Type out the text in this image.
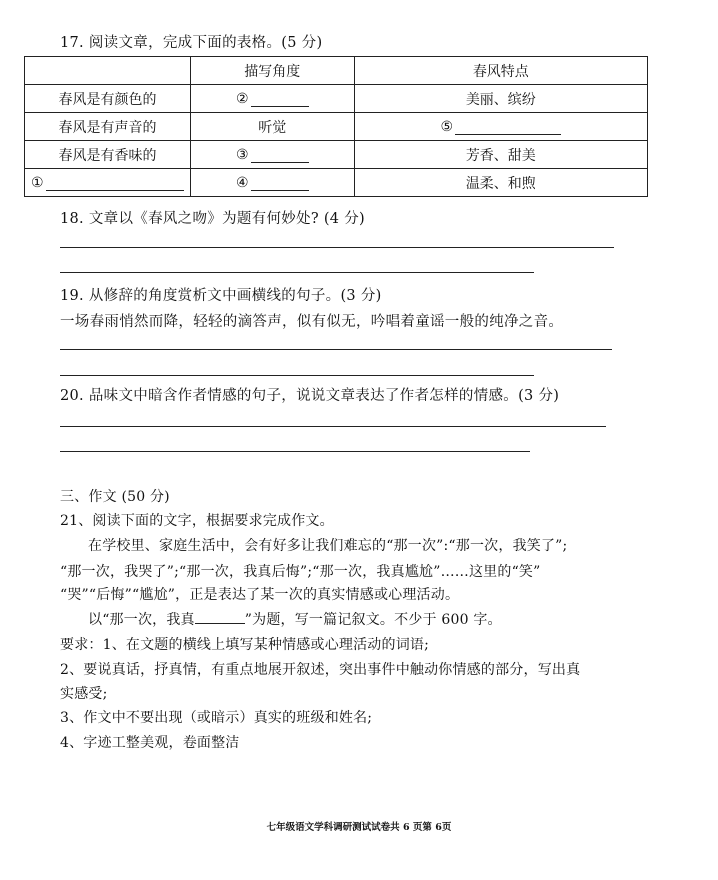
17. 阅读文章，完成下面的表格。(5 分)
	描写角度	春风特点
春风是有颜色的	②	美丽、缤纷
春风是有声音的	听觉	⑤

春风是有香味的	③	芳香、甜美

①	④	温柔、和煦
18. 文章以《春风之吻》为题有何妙处? (4 分)
19. 从修辞的角度赏析文中画横线的句子。(3 分)
一场春雨悄然而降，轻轻的滴答声，似有似无，吟唱着童谣一般的纯净之音。
20. 品味文中暗含作者情感的句子，说说文章表达了作者怎样的情感。(3 分)
三、作文 (50 分)
21、阅读下面的文字，根据要求完成作文。
在学校里、家庭生活中，会有好多让我们难忘的“那一次”:“那一次，我笑了”;
“那一次，我哭了”;“那一次，我真后悔”;“那一次，我真尴尬”……这里的“笑”
“哭”“后悔”“尴尬”，正是表达了某一次的真实情感或心理活动。
以“那一次，我真	”为题，写一篇记叙文。不少于 600 字。
要求：1、在文题的横线上填写某种情感或心理活动的词语;
2、要说真话，抒真情，有重点地展开叙述，突出事件中触动你情感的部分，写出真
实感受;
3、作文中不要出现（或暗示）真实的班级和姓名;
4、字迹工整美观，卷面整洁
七年级语文学科调研测试试卷共 6 页第 6页
